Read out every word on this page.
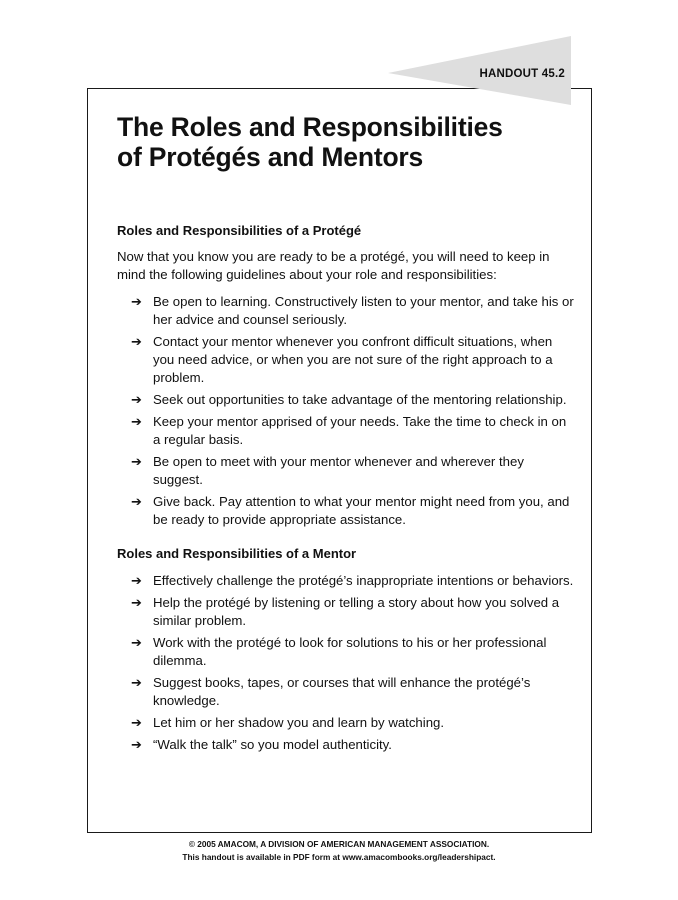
HANDOUT 45.2
The Roles and Responsibilities
of Protégés and Mentors
Roles and Responsibilities of a Protégé

Now that you know you are ready to be a protégé, you will need to keep in mind the following guidelines about your role and responsibilities:

➔ Be open to learning. Constructively listen to your mentor, and take his or her advice and counsel seriously.
➔ Contact your mentor whenever you confront difficult situations, when you need advice, or when you are not sure of the right approach to a problem.
➔ Seek out opportunities to take advantage of the mentoring relationship.
➔ Keep your mentor apprised of your needs. Take the time to check in on a regular basis.
➔ Be open to meet with your mentor whenever and wherever they suggest.
➔ Give back. Pay attention to what your mentor might need from you, and be ready to provide appropriate assistance.
Roles and Responsibilities of a Mentor
➔ Effectively challenge the protégé’s inappropriate intentions or behaviors.
➔ Help the protégé by listening or telling a story about how you solved a similar problem.
➔ Work with the protégé to look for solutions to his or her professional dilemma.
➔ Suggest books, tapes, or courses that will enhance the protégé’s knowledge.
➔ Let him or her shadow you and learn by watching.
➔ “Walk the talk” so you model authenticity.
© 2005 AMACOM, A DIVISION OF AMERICAN MANAGEMENT ASSOCIATION.
This handout is available in PDF form at www.amacombooks.org/leadershipact.
